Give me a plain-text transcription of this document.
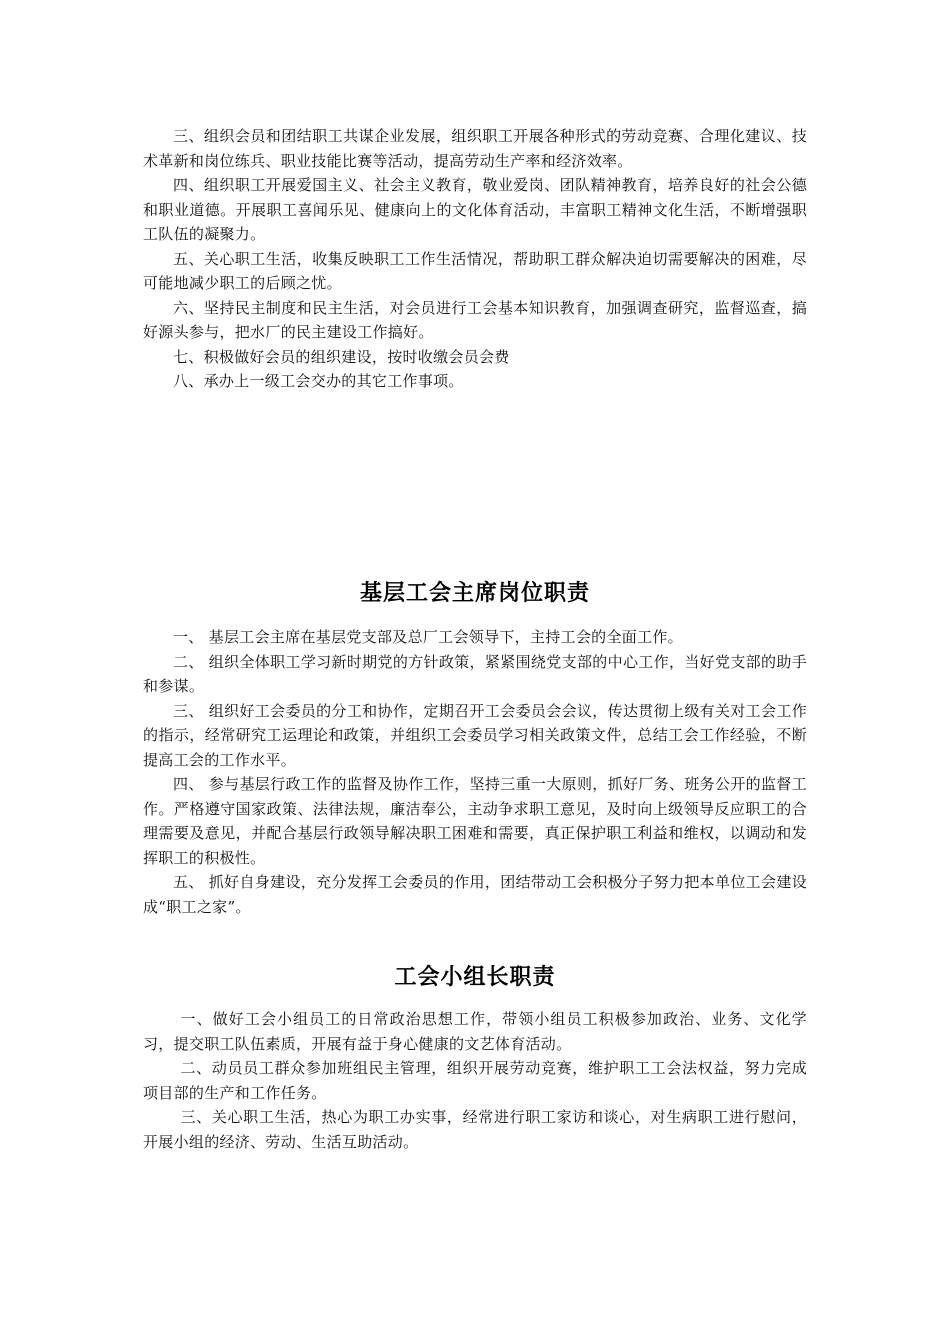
三、组织会员和团结职工共谋企业发展，组织职工开展各种形式的劳动竞赛、合理化建议、技术革新和岗位练兵、职业技能比赛等活动，提高劳动生产率和经济效率。

四、组织职工开展爱国主义、社会主义教育，敬业爱岗、团队精神教育，培养良好的社会公德和职业道德。开展职工喜闻乐见、健康向上的文化体育活动，丰富职工精神文化生活，不断增强职工队伍的凝聚力。

五、关心职工生活，收集反映职工工作生活情况，帮助职工群众解决迫切需要解决的困难，尽可能地减少职工的后顾之忧。

六、坚持民主制度和民主生活，对会员进行工会基本知识教育，加强调查研究，监督巡查，搞好源头参与，把水厂的民主建设工作搞好。

七、积极做好会员的组织建设，按时收缴会员会费

八、承办上一级工会交办的其它工作事项。

基层工会主席岗位职责

一、 基层工会主席在基层党支部及总厂工会领导下，主持工会的全面工作。

二、 组织全体职工学习新时期党的方针政策，紧紧围绕党支部的中心工作，当好党支部的助手和参谋。

三、 组织好工会委员的分工和协作，定期召开工会委员会会议，传达贯彻上级有关对工会工作的指示，经常研究工运理论和政策，并组织工会委员学习相关政策文件，总结工会工作经验，不断提高工会的工作水平。

四、 参与基层行政工作的监督及协作工作，坚持三重一大原则，抓好厂务、班务公开的监督工作。严格遵守国家政策、法律法规，廉洁奉公，主动争求职工意见，及时向上级领导反应职工的合理需要及意见，并配合基层行政领导解决职工困难和需要，真正保护职工利益和维权，以调动和发挥职工的积极性。

五、 抓好自身建设，充分发挥工会委员的作用，团结带动工会积极分子努力把本单位工会建设成“职工之家”。

工会小组长职责

一、做好工会小组员工的日常政治思想工作，带领小组员工积极参加政治、业务、文化学习，提交职工队伍素质，开展有益于身心健康的文艺体育活动。

二、动员员工群众参加班组民主管理，组织开展劳动竞赛，维护职工工会法权益，努力完成项目部的生产和工作任务。

三、关心职工生活，热心为职工办实事，经常进行职工家访和谈心，对生病职工进行慰问，开展小组的经济、劳动、生活互助活动。
